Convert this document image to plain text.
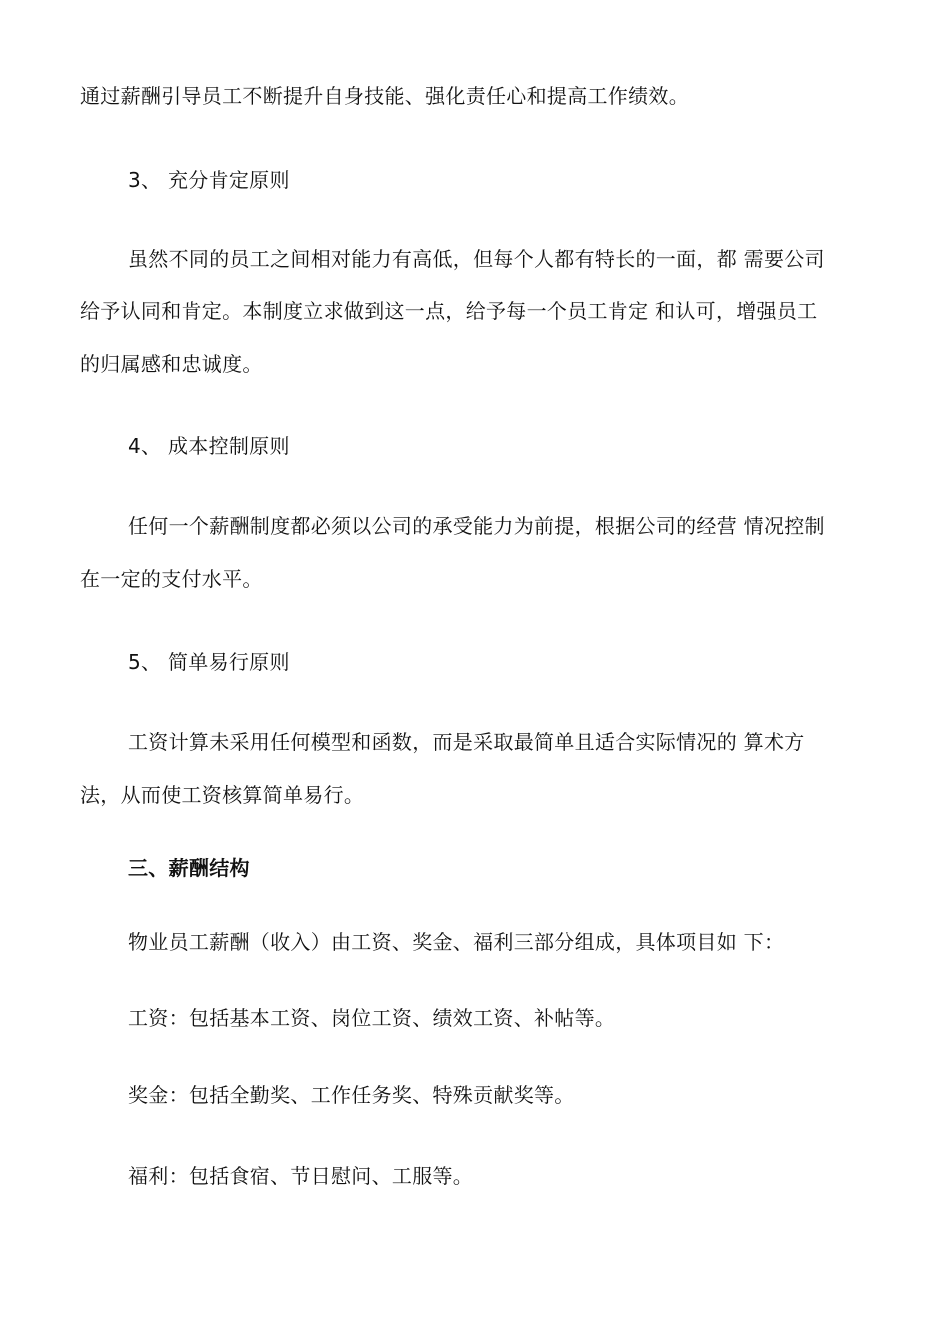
通过薪酬引导员工不断提升自身技能、强化责任心和提高工作绩效。
3、 充分肯定原则
虽然不同的员工之间相对能力有高低，但每个人都有特长的一面，都 需要公司
给予认同和肯定。本制度立求做到这一点，给予每一个员工肯定 和认可，增强员工
的归属感和忠诚度。
4、 成本控制原则
任何一个薪酬制度都必须以公司的承受能力为前提，根据公司的经营 情况控制
在一定的支付水平。
5、 简单易行原则
工资计算未采用任何模型和函数，而是采取最简单且适合实际情况的 算术方
法，从而使工资核算简单易行。
三、薪酬结构
物业员工薪酬（收入）由工资、奖金、福利三部分组成，具体项目如 下：
工资：包括基本工资、岗位工资、绩效工资、补帖等。
奖金：包括全勤奖、工作任务奖、特殊贡献奖等。
福利：包括食宿、节日慰问、工服等。
